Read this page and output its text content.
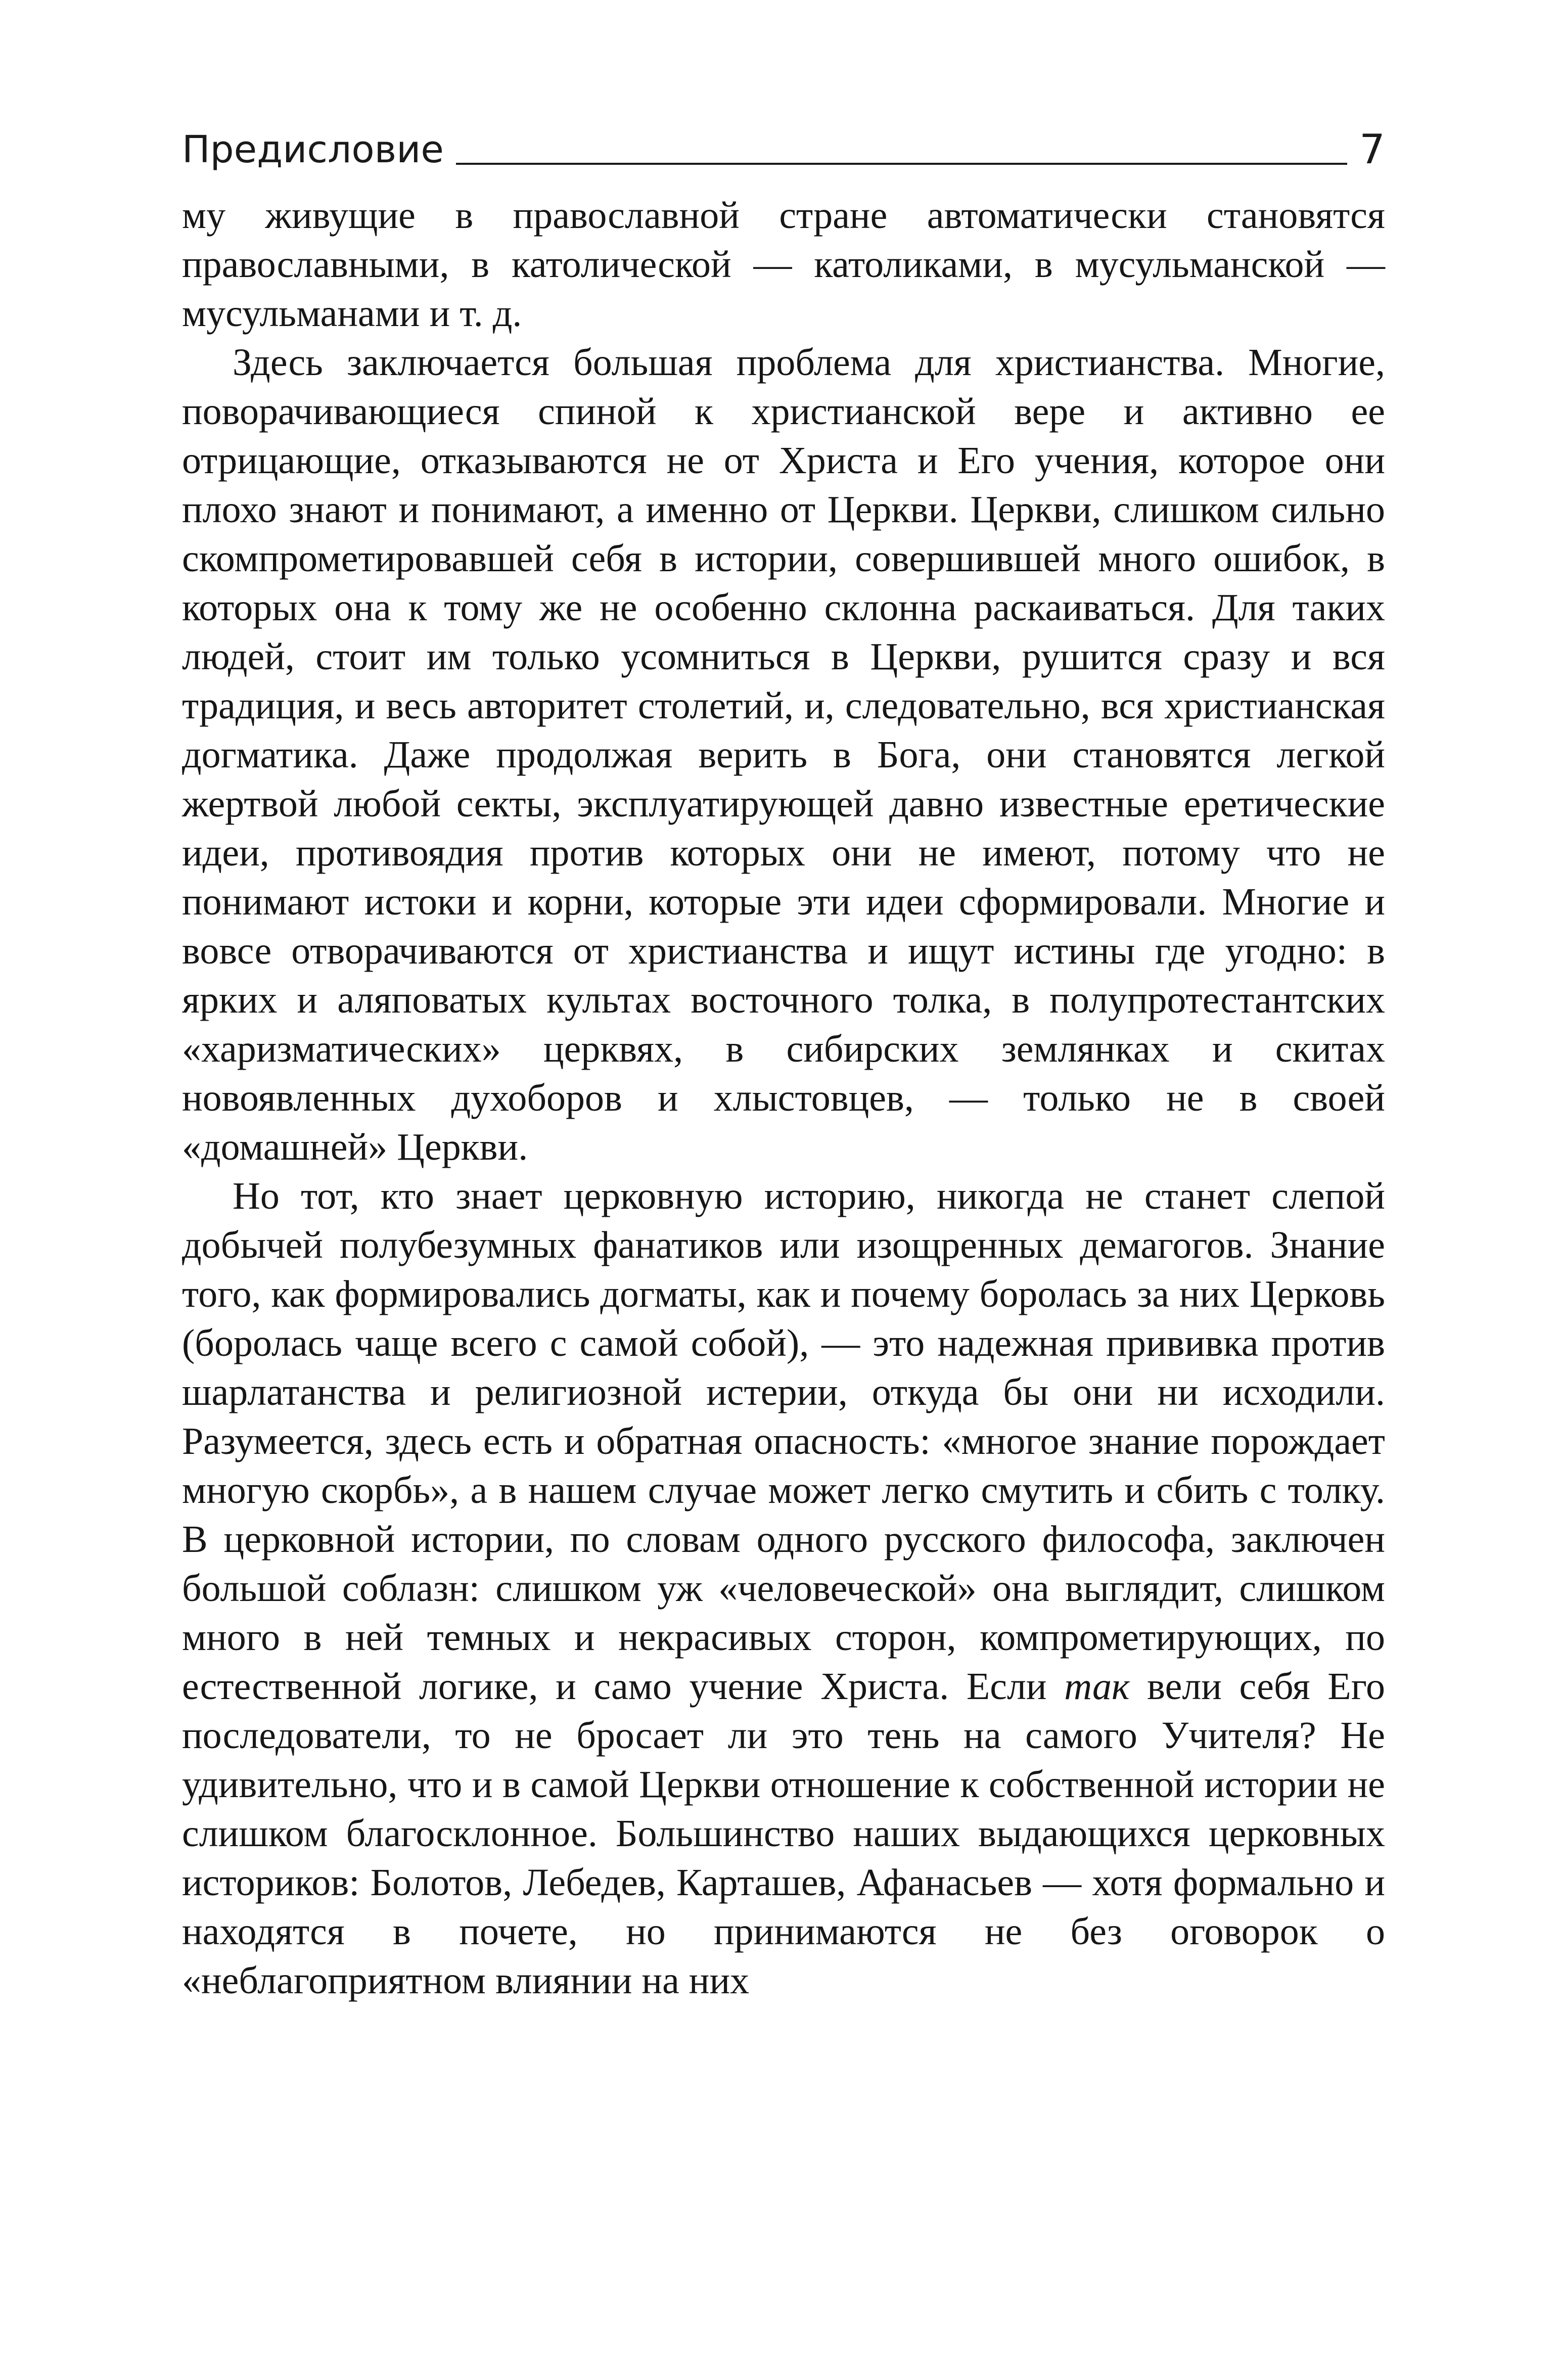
Предисловие	7

му живущие в православной стране автоматически становятся православными, в католической — католиками, в мусульманской — мусульманами и т. д.

Здесь заключается большая проблема для христианства. Многие, поворачивающиеся спиной к христианской вере и активно ее отрицающие, отказываются не от Христа и Его учения, которое они плохо знают и понимают, а именно от Церкви. Церкви, слишком сильно скомпрометировавшей себя в истории, совершившей много ошибок, в которых она к тому же не особенно склонна раскаиваться. Для таких людей, стоит им только усомниться в Церкви, рушится сразу и вся традиция, и весь авторитет столетий, и, следовательно, вся христианская догматика. Даже продолжая верить в Бога, они становятся легкой жертвой любой секты, эксплуатирующей давно известные еретические идеи, противоядия против которых они не имеют, потому что не понимают истоки и корни, которые эти идеи сформировали. Многие и вовсе отворачиваются от христианства и ищут истины где угодно: в ярких и аляповатых культах восточного толка, в полупротестантских «харизматических» церквях, в сибирских землянках и скитах новоявленных духоборов и хлыстовцев, — только не в своей «домашней» Церкви.

Но тот, кто знает церковную историю, никогда не станет слепой добычей полубезумных фанатиков или изощренных демагогов. Знание того, как формировались догматы, как и почему боролась за них Церковь (боролась чаще всего с самой собой), — это надежная прививка против шарлатанства и религиозной истерии, откуда бы они ни исходили. Разумеется, здесь есть и обратная опасность: «многое знание порождает многую скорбь», а в нашем случае может легко смутить и сбить с толку. В церковной истории, по словам одного русского философа, заключен большой соблазн: слишком уж «человеческой» она выглядит, слишком много в ней темных и некрасивых сторон, компрометирующих, по естественной логике, и само учение Христа. Если так вели себя Его последователи, то не бросает ли это тень на самого Учителя? Не удивительно, что и в самой Церкви отношение к собственной истории не слишком благосклонное. Большинство наших выдающихся церковных историков: Болотов, Лебедев, Карташев, Афанасьев — хотя формально и находятся в почете, но принимаются не без оговорок о «неблагоприятном влиянии на них
